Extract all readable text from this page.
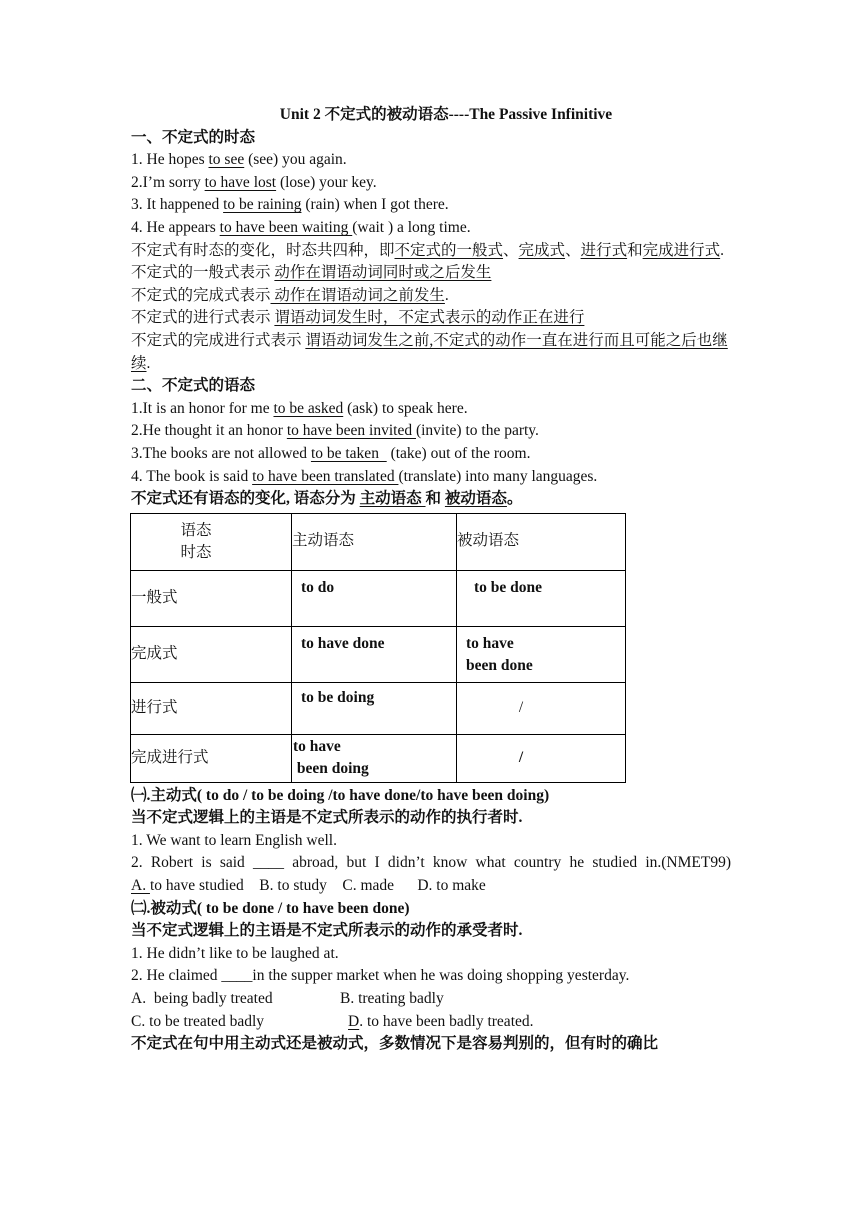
Unit 2 不定式的被动语态----The Passive Infinitive
一、不定式的时态
1. He hopes to see (see) you again.
2.I’m sorry to have lost (lose) your key.
3. It happened to be raining (rain) when I got there.
4. He appears to have been waiting (wait ) a long time.
不定式有时态的变化，时态共四种，即不定式的一般式、完成式、进行式和完成进行式.
不定式的一般式表示 动作在谓语动词同时或之后发生
不定式的完成式表示 动作在谓语动词之前发生.
不定式的进行式表示 谓语动词发生时，不定式表示的动作正在进行
不定式的完成进行式表示 谓语动词发生之前,不定式的动作一直在进行而且可能之后也继续.
二、不定式的语态
1.It is an honor for me to be asked (ask) to speak here.
2.He thought it an honor to have been invited (invite) to the party.
3.The books are not allowed to be taken   (take) out of the room.
4. The book is said to have been translated (translate) into many languages.
不定式还有语态的变化, 语态分为 主动语态 和 被动语态。
语态
时态	主动语态	被动语态
一般式	to do	to be done
完成式	to have done	to have
been done

进行式	to be doing	/
完成进行式	to have
been doing	/
㈠.主动式( to do / to be doing /to have done/to have been doing)
当不定式逻辑上的主语是不定式所表示的动作的执行者时.
1. We want to learn English well.
2. Robert is said ____ abroad, but I didn’t know what country he studied in.(NMET99)
A. to have studied B. to study C. made D. to make
㈡.被动式( to be done / to have been done)
当不定式逻辑上的主语是不定式所表示的动作的承受者时.
1. He didn’t like to be laughed at.
2. He claimed ____in the supper market when he was doing shopping yesterday.
A.  being badly treated	B. treating badly
C. to be treated badly	D. to have been badly treated.
不定式在句中用主动式还是被动式，多数情况下是容易判别的，但有时的确比
